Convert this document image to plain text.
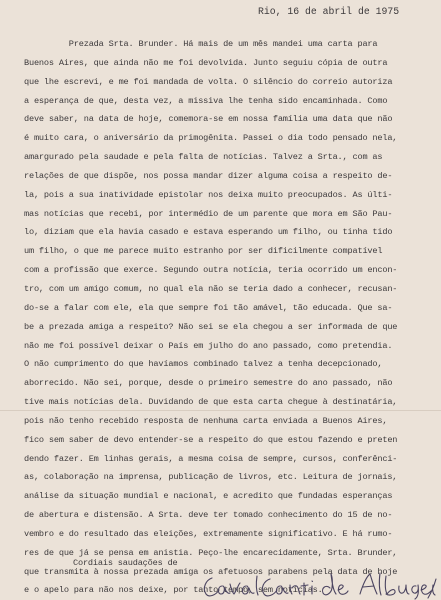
Rio, 16 de abril de 1975
Prezada Srta. Brunder. Há mais de um mês mandei uma carta para
Buenos Aires, que ainda não me foi devolvida. Junto seguiu cópia de outra
que lhe escrevi, e me foi mandada de volta. O silêncio do correio autoriza
a esperança de que, desta vez, a missiva lhe tenha sido encaminhada. Como
deve saber, na data de hoje, comemora-se em nossa família uma data que não
é muito cara, o aniversário da primogênita. Passei o dia todo pensado nela,
amargurado pela saudade e pela falta de notícias. Talvez a Srta., com as
relações de que dispõe, nos possa mandar dizer alguma coisa a respeito de-
la, pois a sua inatividade epistolar nos deixa muito preocupados. As últi-
mas notícias que recebi, por intermédio de um parente que mora em São Pau-
lo, diziam que ela havia casado e estava esperando um filho, ou tinha tido
um filho, o que me parece muito estranho por ser dificilmente compatível
com a profissão que exerce. Segundo outra notícia, teria ocorrido um encon-
tro, com um amigo comum, no qual ela não se teria dado a conhecer, recusan-
do-se a falar com ele, ela que sempre foi tão amável, tão educada. Que sa-
be a prezada amiga a respeito? Não sei se ela chegou a ser informada de que
não me foi possível deixar o País em julho do ano passado, como pretendia.
O não cumprimento do que havíamos combinado talvez a tenha decepcionado,
aborrecido. Não sei, porque, desde o primeiro semestre do ano passado, não
tive mais notícias dela. Duvidando de que esta carta chegue à destinatária,
pois não tenho recebido resposta de nenhuma carta enviada a Buenos Aires,
fico sem saber de devo entender-se a respeito do que estou fazendo e preten
dendo fazer. Em linhas gerais, a mesma coisa de sempre, cursos, conferênci-
as, colaboração na imprensa, publicação de livros, etc. Leitura de jornais,
análise da situação mundial e nacional, e acredito que fundadas esperanças
de abertura e distensão. A Srta. deve ter tomado conhecimento do 15 de no-
vembro e do resultado das eleições, extremamente significativo. E há rumo-
res de que já se pensa em anistia. Peço-lhe encarecidamente, Srta. Brunder,
que transmita à nossa prezada amiga os afetuosos parabens pela data de hoje
e o apelo para não nos deixe, por tanto tempo, sem notícias.
Cordiais saudações de
